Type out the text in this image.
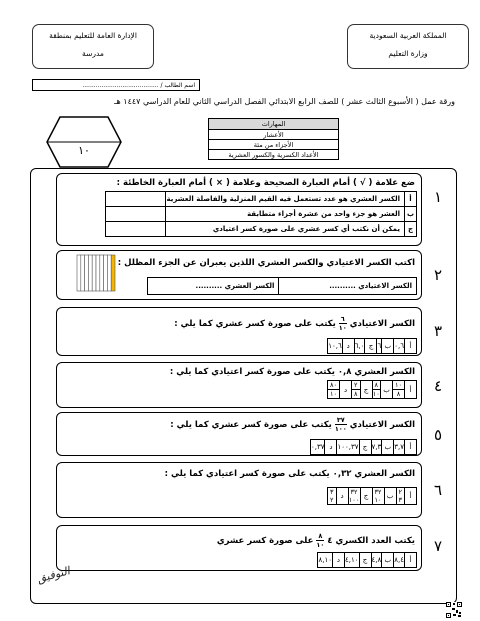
المملكة العربية السعودية
وزارة التعليم
الإدارة العامة للتعليم بمنطقة
مدرسة
اسم الطالب / ........................................
ورقة عمل ( الأسبوع الثالث عشر ) للصف الرابع الابتدائي الفصل الدراسي الثاني للعام الدراسي ١٤٤٧ هـ
١٠
المهارات
الأعشار
الأجزاء من مئة
الأعداد الكسرية والكسور العشرية
١
ضع علامة ( √ ) أمام العبارة الصحيحة وعلامة ( × ) أمام العبارة الخاطئة :
أ	الكسر العشري هو عدد تستعمل فيه القيم المنزلية والفاصلة العشرية	
ب	العشر هو جزء واحد من عشرة أجزاء متطابقة	
ج	يمكن أن نكتب أي كسر عشري على صورة كسر اعتيادي	
٢
اكتب الكسر الاعتيادي والكسر العشري اللذين يعبران عن الجزء المظلل :
الكسر الاعتيادي ..........	الكسر العشري ..........
٣
الكسر الاعتيادي
$\frac{٦}{١٠}$
يكتب على صورة كسر عشري كما يلي :
أ	٠,٦	ب	٦	ج	٦,٠	د	١٠,٦
٤
الكسر العشري ٠,٨ يكتب على صورة كسر اعتيادي كما يلي :
أ	
$\frac{١٠}{٨}$
	ب	
$\frac{٨}{١٠}$
	ج	
$\frac{٢}{٨}$
	د	
$\frac{٨٠}{١٠}$
٥
الكسر الاعتيادي
$\frac{٣٧}{١٠٠}$
يكتب على صورة كسر عشري كما يلي :
أ	٣,٧	ب	٧,٣	ج	١٠٠,٣٧	د	٠,٣٧
٦
الكسر العشري ٠,٣٢ يكتب على صورة كسر اعتيادي كما يلي :
أ	
٢
٣
	ب	
٣٢
١٠
	ج	
٣٢
١٠٠
	د	
٣
٢
٧
يكتب العدد الكسري ٤
$\frac{٨}{١٠}$
على صورة كسر عشري
أ	٨,٤	ب	٤,٨	ج	٤,١٠	د	٨,١٠
التوفيق
